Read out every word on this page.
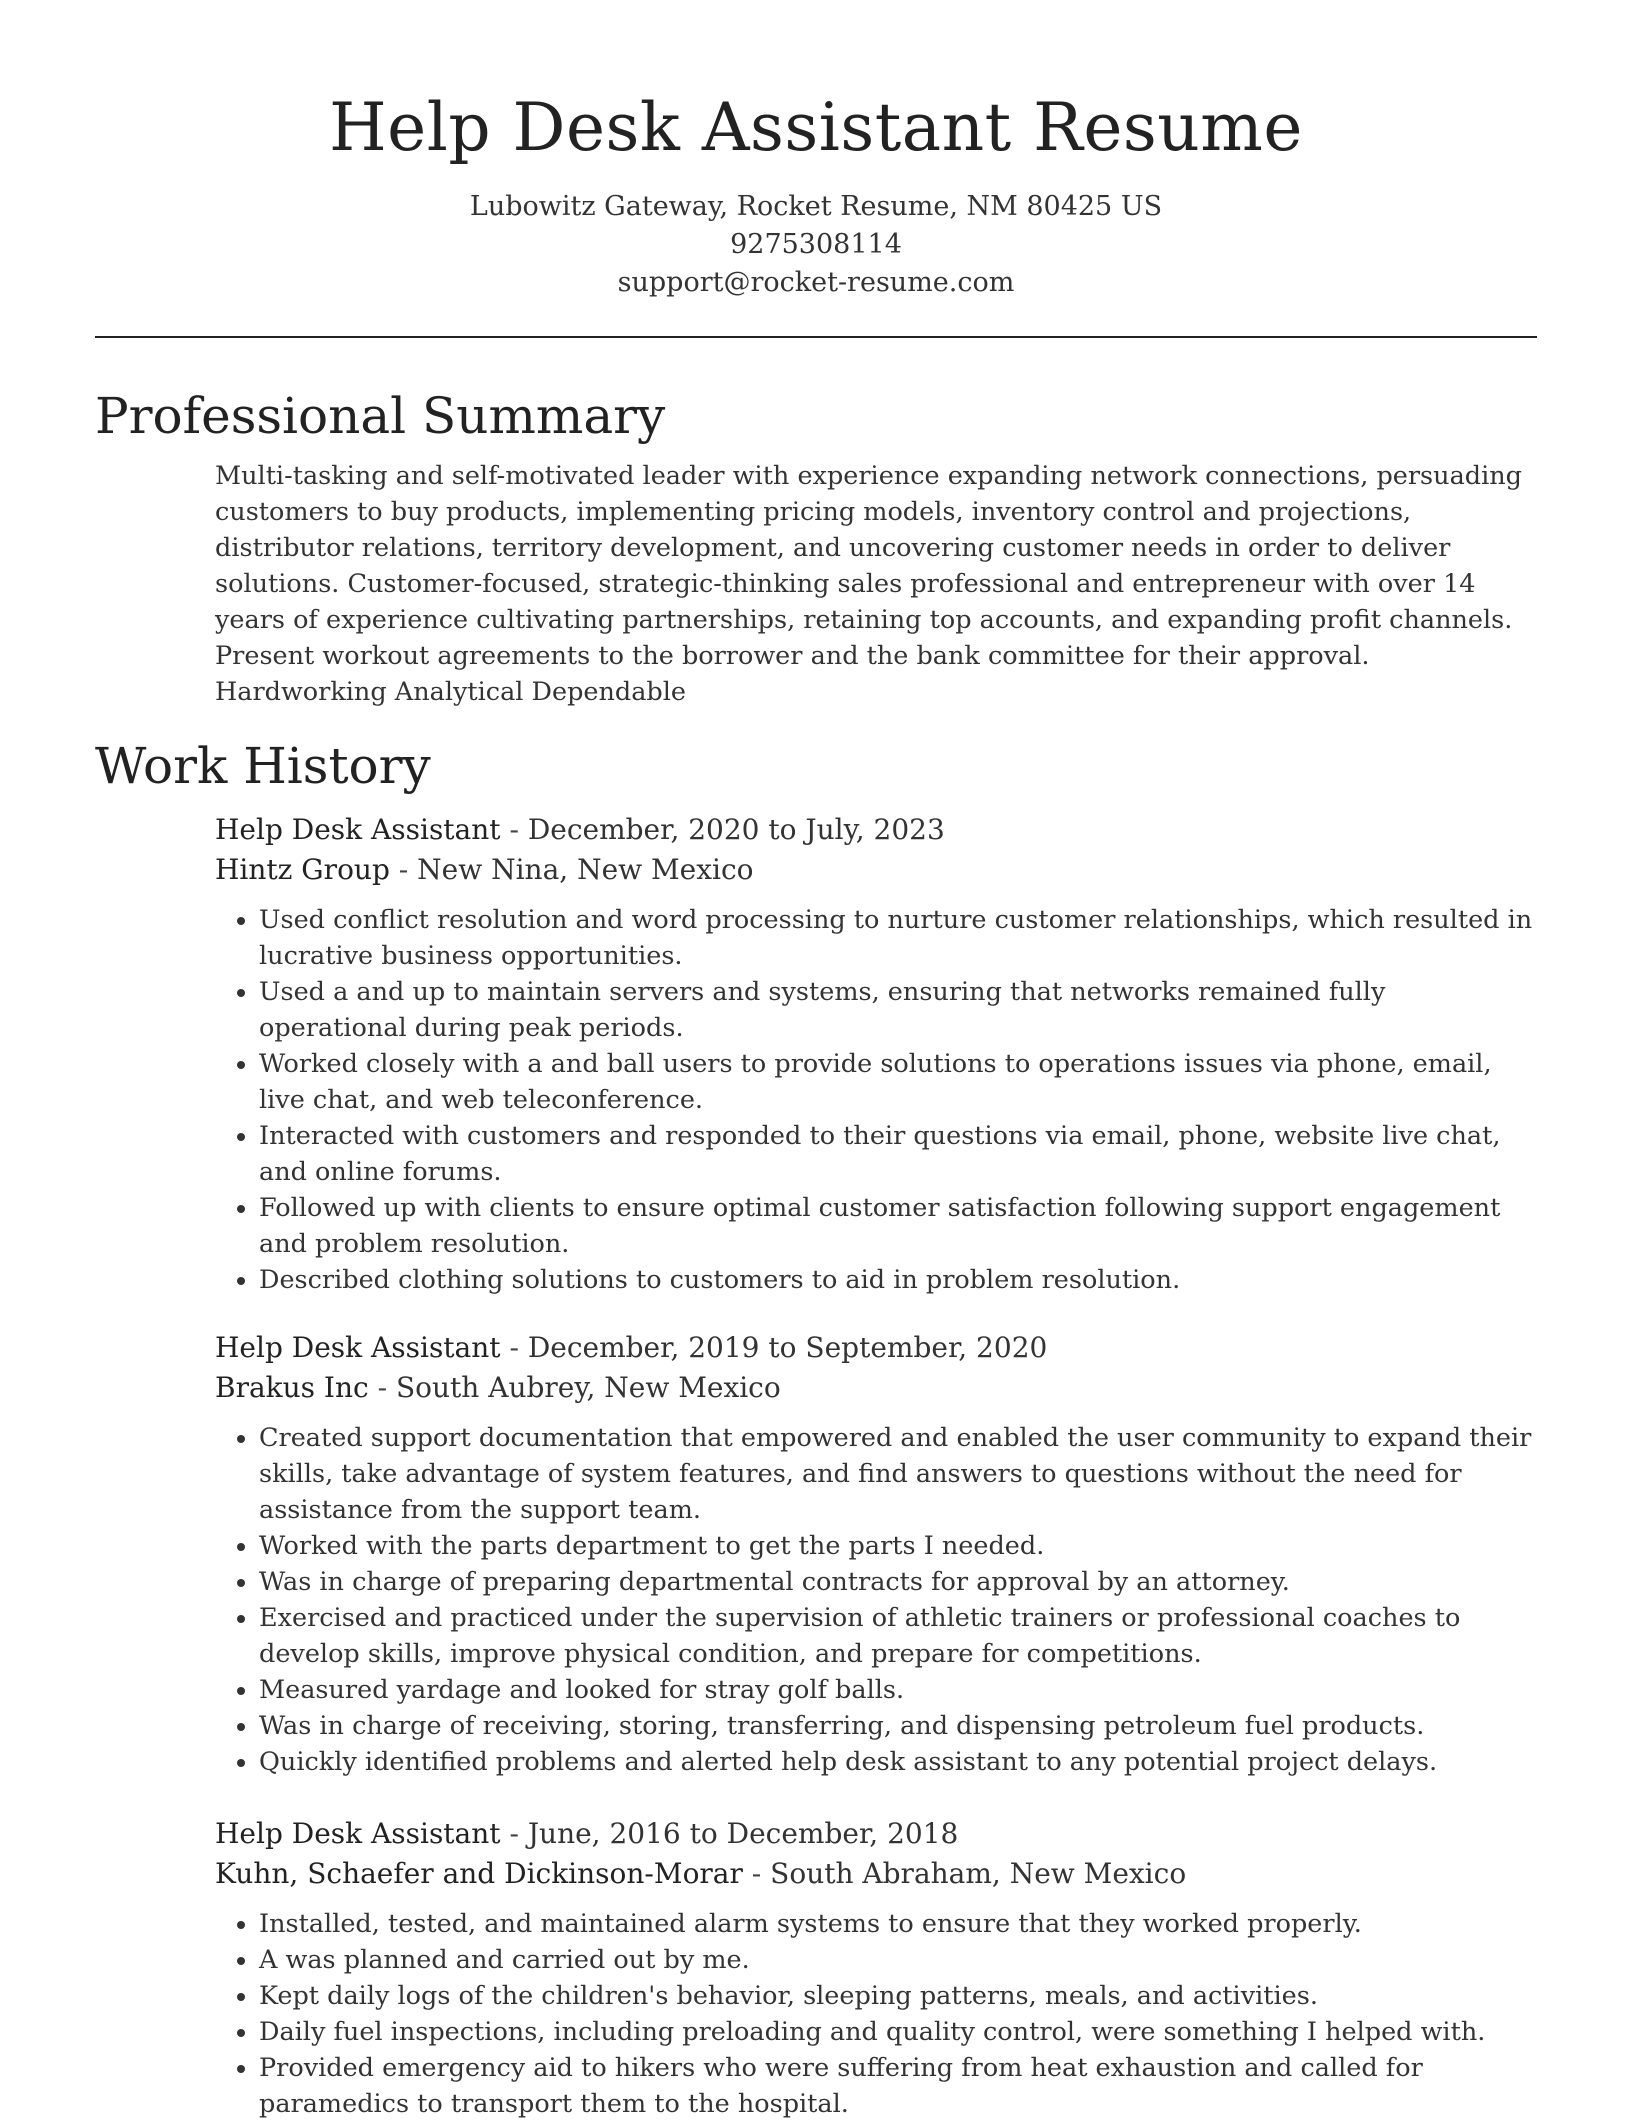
Help Desk Assistant Resume
Lubowitz Gateway, Rocket Resume, NM 80425 US
9275308114
support@rocket-resume.com
Professional Summary
Multi-tasking and self-motivated leader with experience expanding network connections, persuading customers to buy products, implementing pricing models, inventory control and projections, distributor relations, territory development, and uncovering customer needs in order to deliver solutions. Customer-focused, strategic-thinking sales professional and entrepreneur with over 14 years of experience cultivating partnerships, retaining top accounts, and expanding profit channels. Present workout agreements to the borrower and the bank committee for their approval. Hardworking Analytical Dependable
Work History
Help Desk Assistant - December, 2020 to July, 2023
Hintz Group - New Nina, New Mexico
• Used conflict resolution and word processing to nurture customer relationships, which resulted in lucrative business opportunities.
• Used a and up to maintain servers and systems, ensuring that networks remained fully operational during peak periods.
• Worked closely with a and ball users to provide solutions to operations issues via phone, email, live chat, and web teleconference.
• Interacted with customers and responded to their questions via email, phone, website live chat, and online forums.
• Followed up with clients to ensure optimal customer satisfaction following support engagement and problem resolution.
• Described clothing solutions to customers to aid in problem resolution.
Help Desk Assistant - December, 2019 to September, 2020
Brakus Inc - South Aubrey, New Mexico
• Created support documentation that empowered and enabled the user community to expand their skills, take advantage of system features, and find answers to questions without the need for assistance from the support team.
• Worked with the parts department to get the parts I needed.
• Was in charge of preparing departmental contracts for approval by an attorney.
• Exercised and practiced under the supervision of athletic trainers or professional coaches to develop skills, improve physical condition, and prepare for competitions.
• Measured yardage and looked for stray golf balls.
• Was in charge of receiving, storing, transferring, and dispensing petroleum fuel products.
• Quickly identified problems and alerted help desk assistant to any potential project delays.
Help Desk Assistant - June, 2016 to December, 2018
Kuhn, Schaefer and Dickinson-Morar - South Abraham, New Mexico
• Installed, tested, and maintained alarm systems to ensure that they worked properly.
• A was planned and carried out by me.
• Kept daily logs of the children's behavior, sleeping patterns, meals, and activities.
• Daily fuel inspections, including preloading and quality control, were something I helped with.
• Provided emergency aid to hikers who were suffering from heat exhaustion and called for paramedics to transport them to the hospital.
